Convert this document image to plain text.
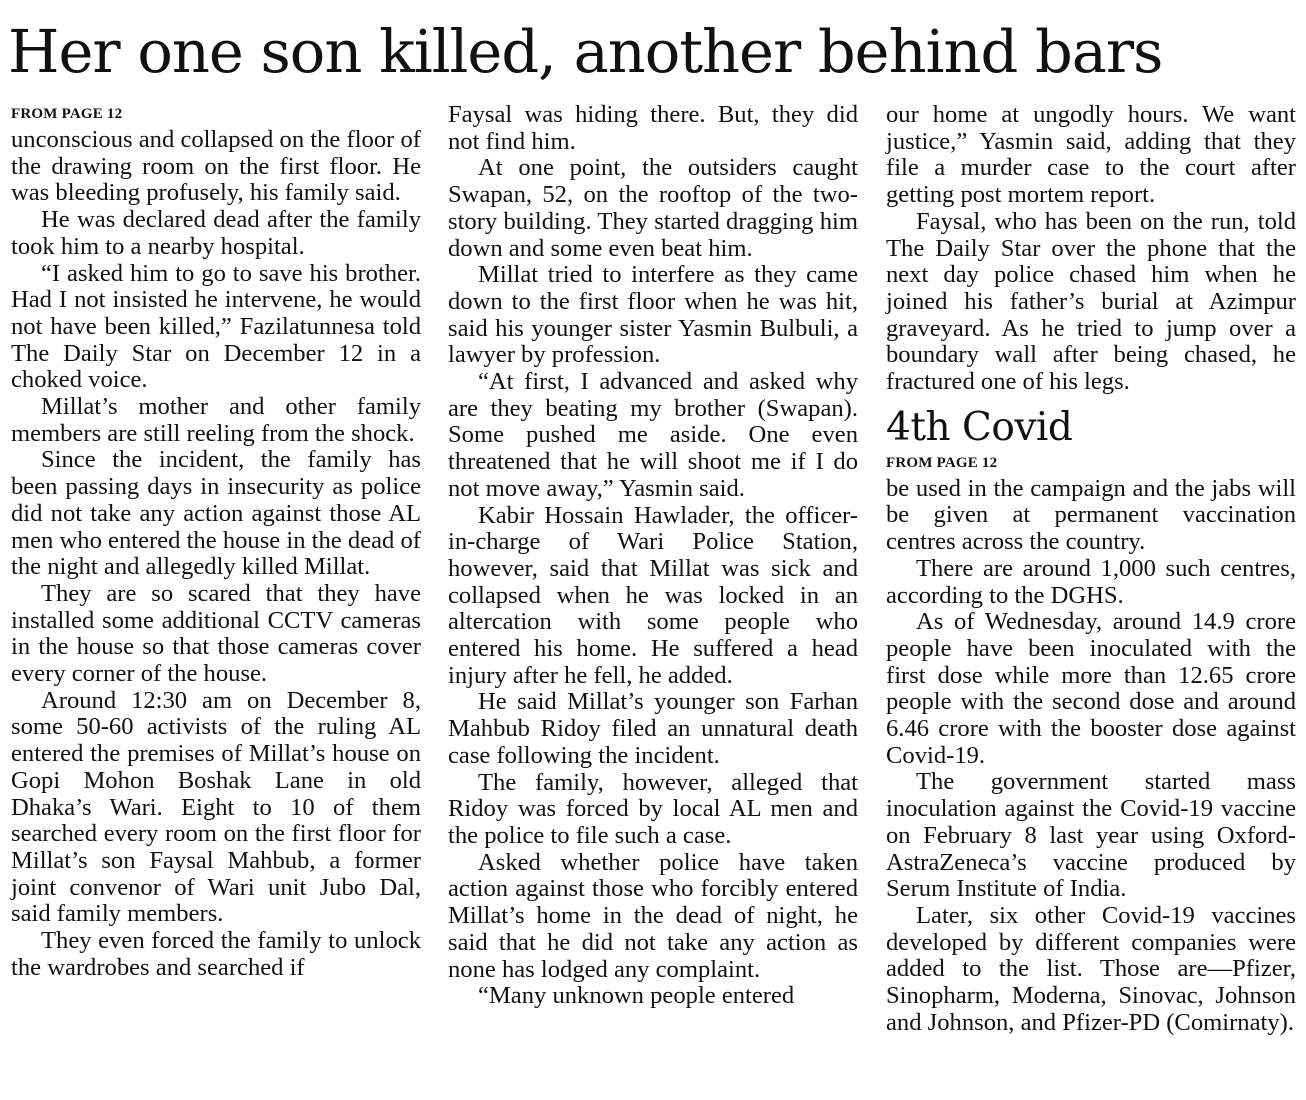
Her one son killed, another behind bars
FROM PAGE 12

unconscious and collapsed on the floor of the drawing room on the first floor. He was bleeding profusely, his family said.

He was declared dead after the family took him to a nearby hospital.

“I asked him to go to save his brother. Had I not insisted he intervene, he would not have been killed,” Fazilatunnesa told The Daily Star on December 12 in a choked voice.

Millat’s mother and other family members are still reeling from the shock.

Since the incident, the family has been passing days in insecurity as police did not take any action against those AL men who entered the house in the dead of the night and allegedly killed Millat.

They are so scared that they have installed some additional CCTV cameras in the house so that those cameras cover every corner of the house.

Around 12:30 am on December 8, some 50-60 activists of the ruling AL entered the premises of Millat’s house on Gopi Mohon Boshak Lane in old Dhaka’s Wari. Eight to 10 of them searched every room on the first floor for Millat’s son Faysal Mahbub, a former joint convenor of Wari unit Jubo Dal, said family members.

They even forced the family to unlock the wardrobes and searched if

Faysal was hiding there. But, they did not find him.

At one point, the outsiders caught Swapan, 52, on the rooftop of the two-story building. They started dragging him down and some even beat him.

Millat tried to interfere as they came down to the first floor when he was hit, said his younger sister Yasmin Bulbuli, a lawyer by profession.

“At first, I advanced and asked why are they beating my brother (Swapan). Some pushed me aside. One even threatened that he will shoot me if I do not move away,” Yasmin said.

Kabir Hossain Hawlader, the officer-in-charge of Wari Police Station, however, said that Millat was sick and collapsed when he was locked in an altercation with some people who entered his home. He suffered a head injury after he fell, he added.

He said Millat’s younger son Farhan Mahbub Ridoy filed an unnatural death case following the incident.

The family, however, alleged that Ridoy was forced by local AL men and the police to file such a case.

Asked whether police have taken action against those who forcibly entered Millat’s home in the dead of night, he said that he did not take any action as none has lodged any complaint.

“Many unknown people entered

our home at ungodly hours. We want justice,” Yasmin said, adding that they file a murder case to the court after getting post mortem report.

Faysal, who has been on the run, told The Daily Star over the phone that the next day police chased him when he joined his father’s burial at Azimpur graveyard. As he tried to jump over a boundary wall after being chased, he fractured one of his legs.

4th Covid
FROM PAGE 12

be used in the campaign and the jabs will be given at permanent vaccination centres across the country.

There are around 1,000 such centres, according to the DGHS.

As of Wednesday, around 14.9 crore people have been inoculated with the first dose while more than 12.65 crore people with the second dose and around 6.46 crore with the booster dose against Covid-19.

The government started mass inoculation against the Covid-19 vaccine on February 8 last year using Oxford-AstraZeneca’s vaccine produced by Serum Institute of India.

Later, six other Covid-19 vaccines developed by different companies were added to the list. Those are—Pfizer, Sinopharm, Moderna, Sinovac, Johnson and Johnson, and Pfizer-PD (Comirnaty).
